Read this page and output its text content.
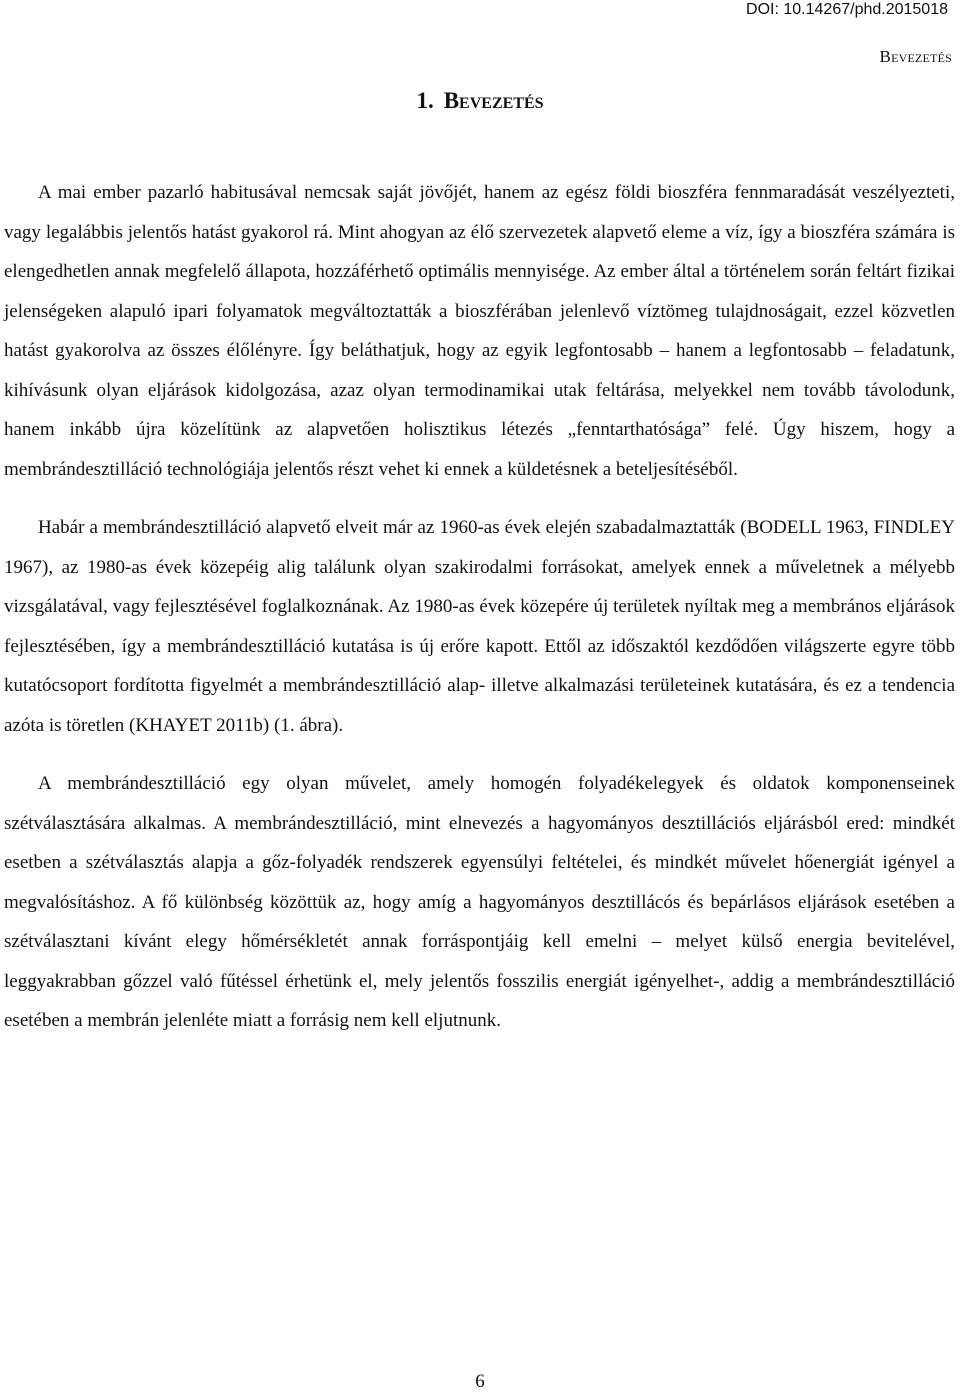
DOI: 10.14267/phd.2015018
Bevezetés
1. Bevezetés

A mai ember pazarló habitusával nemcsak saját jövőjét, hanem az egész földi bioszféra fennmaradását veszélyezteti, vagy legalábbis jelentős hatást gyakorol rá. Mint ahogyan az élő szervezetek alapvető eleme a víz, így a bioszféra számára is elengedhetlen annak megfelelő állapota, hozzáférhető optimális mennyisége. Az ember által a történelem során feltárt fizikai jelenségeken alapuló ipari folyamatok megváltoztatták a bioszférában jelenlevő víztömeg tulajdnoságait, ezzel közvetlen hatást gyakorolva az összes élőlényre. Így beláthatjuk, hogy az egyik legfontosabb – hanem a legfontosabb – feladatunk, kihívásunk olyan eljárások kidolgozása, azaz olyan termodinamikai utak feltárása, melyekkel nem tovább távolodunk, hanem inkább újra közelítünk az alapvetően holisztikus létezés „fenntarthatósága” felé. Úgy hiszem, hogy a membrándesztilláció technológiája jelentős részt vehet ki ennek a küldetésnek a beteljesítéséből.

Habár a membrándesztilláció alapvető elveit már az 1960-as évek elején szabadalmaztatták (BODELL 1963, FINDLEY 1967), az 1980-as évek közepéig alig találunk olyan szakirodalmi forrásokat, amelyek ennek a műveletnek a mélyebb vizsgálatával, vagy fejlesztésével foglalkoznának. Az 1980-as évek közepére új területek nyíltak meg a membrános eljárások fejlesztésében, így a membrándesztilláció kutatása is új erőre kapott. Ettől az időszaktól kezdődően világszerte egyre több kutatócsoport fordította figyelmét a membrándesztilláció alap- illetve alkalmazási területeinek kutatására, és ez a tendencia azóta is töretlen (KHAYET 2011b) (1. ábra).

A membrándesztilláció egy olyan művelet, amely homogén folyadékelegyek és oldatok komponenseinek szétválasztására alkalmas. A membrándesztilláció, mint elnevezés a hagyományos desztillációs eljárásból ered: mindkét esetben a szétválasztás alapja a gőz-folyadék rendszerek egyensúlyi feltételei, és mindkét művelet hőenergiát igényel a megvalósításhoz. A fő különbség közöttük az, hogy amíg a hagyományos desztillácós és bepárlásos eljárások esetében a szétválasztani kívánt elegy hőmérsékletét annak forráspontjáig kell emelni – melyet külső energia bevitelével, leggyakrabban gőzzel való fűtéssel érhetünk el, mely jelentős fosszilis energiát igényelhet-, addig a membrándesztilláció esetében a membrán jelenléte miatt a forrásig nem kell eljutnunk.

6
